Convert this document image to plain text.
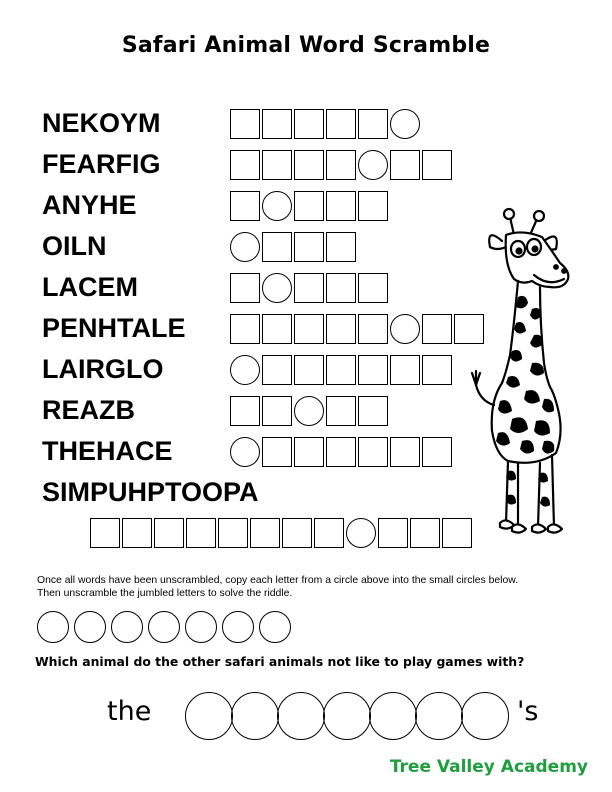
Safari Animal Word Scramble
NEKOYM
FEARFIG
ANYHE
OILN
LACEM
PENHTALE
LAIRGLO
REAZB
THEHACE
SIMPUHPTOOPA
Once all words have been unscrambled, copy each letter from a circle above into the small circles below.
Then unscramble the jumbled letters to solve the riddle.
Which animal do the other safari animals not like to play games with?
the	's
Tree Valley Academy
